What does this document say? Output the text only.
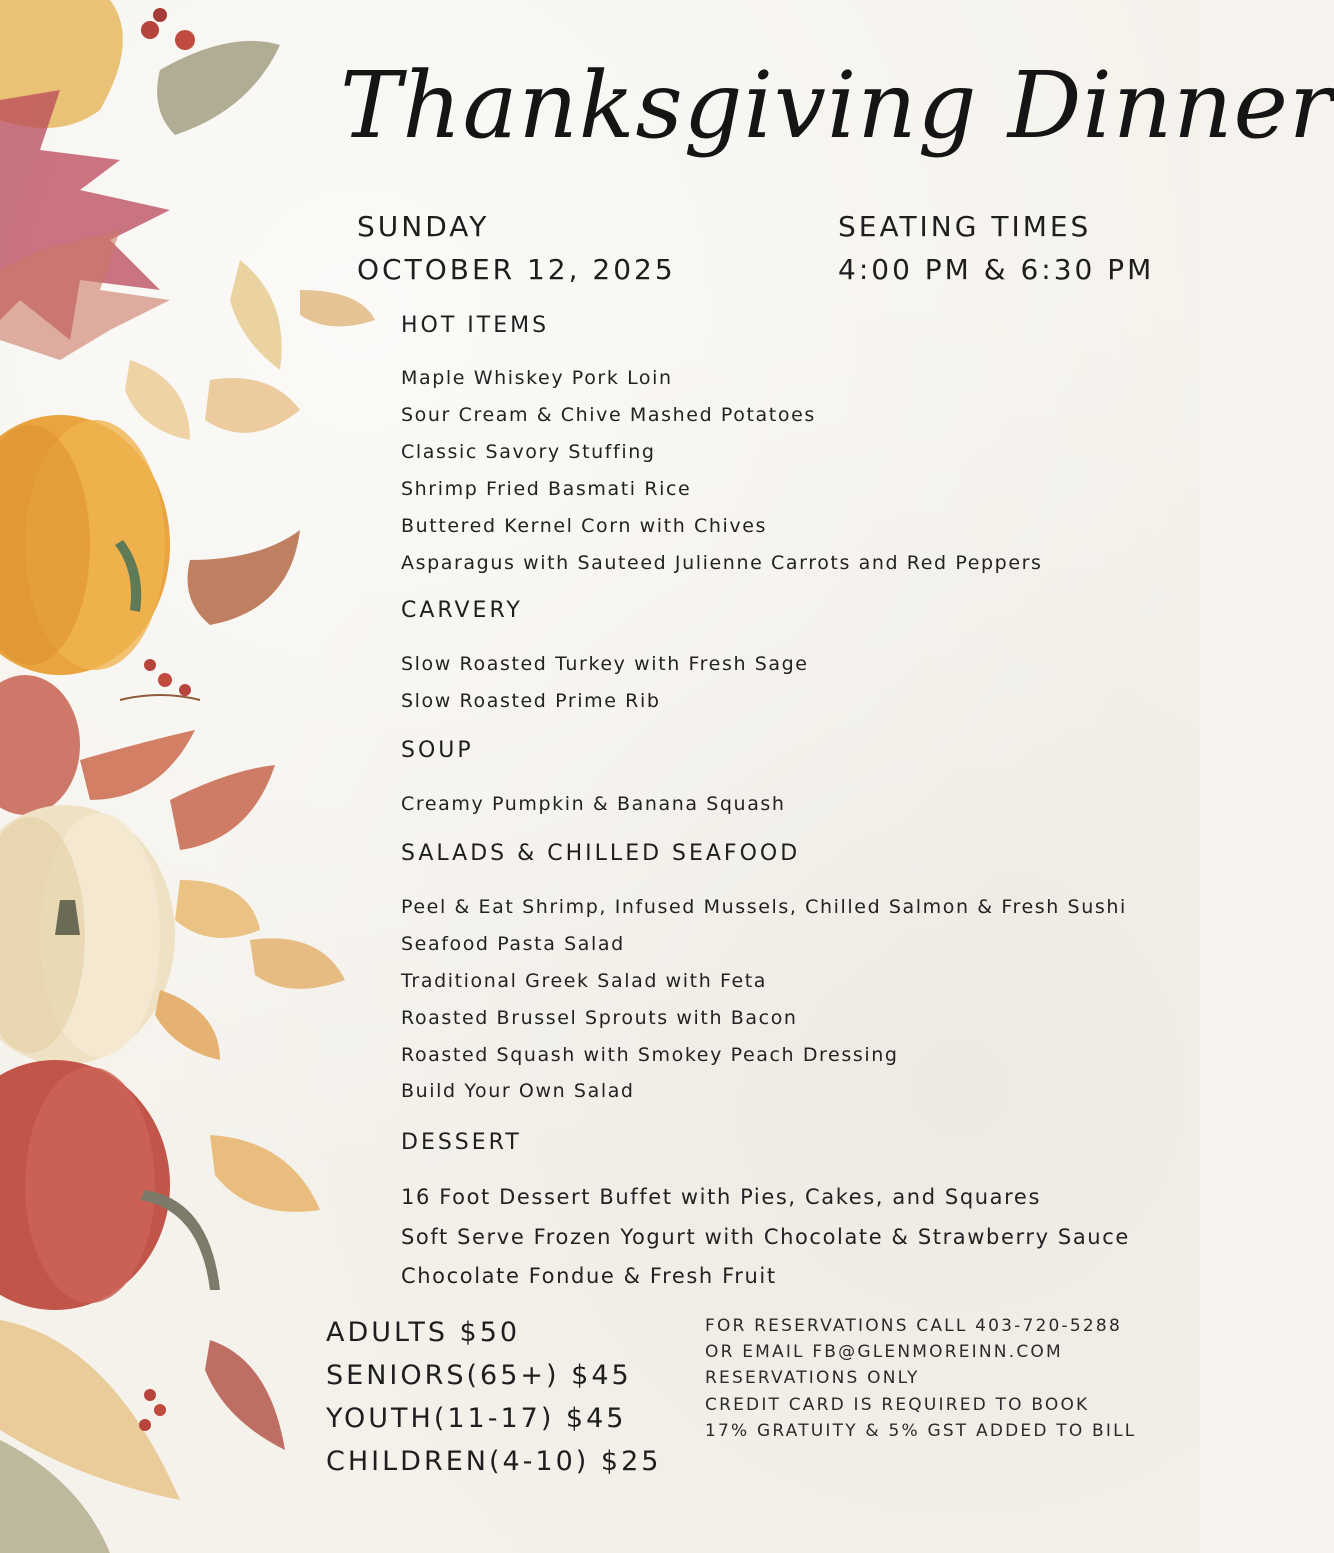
Thanksgiving Dinner
SUNDAY
OCTOBER 12, 2025
SEATING TIMES
4:00 PM & 6:30 PM
HOT ITEMS
Maple Whiskey Pork Loin
Sour Cream & Chive Mashed Potatoes
Classic Savory Stuffing
Shrimp Fried Basmati Rice
Buttered Kernel Corn with Chives
Asparagus with Sauteed Julienne Carrots and Red Peppers
CARVERY
Slow Roasted Turkey with Fresh Sage
Slow Roasted Prime Rib
SOUP
Creamy Pumpkin & Banana Squash
SALADS & CHILLED SEAFOOD
Peel & Eat Shrimp, Infused Mussels, Chilled Salmon & Fresh Sushi
Seafood Pasta Salad
Traditional Greek Salad with Feta
Roasted Brussel Sprouts with Bacon
Roasted Squash with Smokey Peach Dressing
Build Your Own Salad
DESSERT
16 Foot Dessert Buffet with Pies, Cakes, and Squares
Soft Serve Frozen Yogurt with Chocolate & Strawberry Sauce
Chocolate Fondue & Fresh Fruit
ADULTS $50
SENIORS(65+) $45
YOUTH(11-17) $45
CHILDREN(4-10) $25
FOR RESERVATIONS CALL 403-720-5288
OR EMAIL FB@GLENMOREINN.COM
RESERVATIONS ONLY
CREDIT CARD IS REQUIRED TO BOOK
17% GRATUITY & 5% GST ADDED TO BILL
